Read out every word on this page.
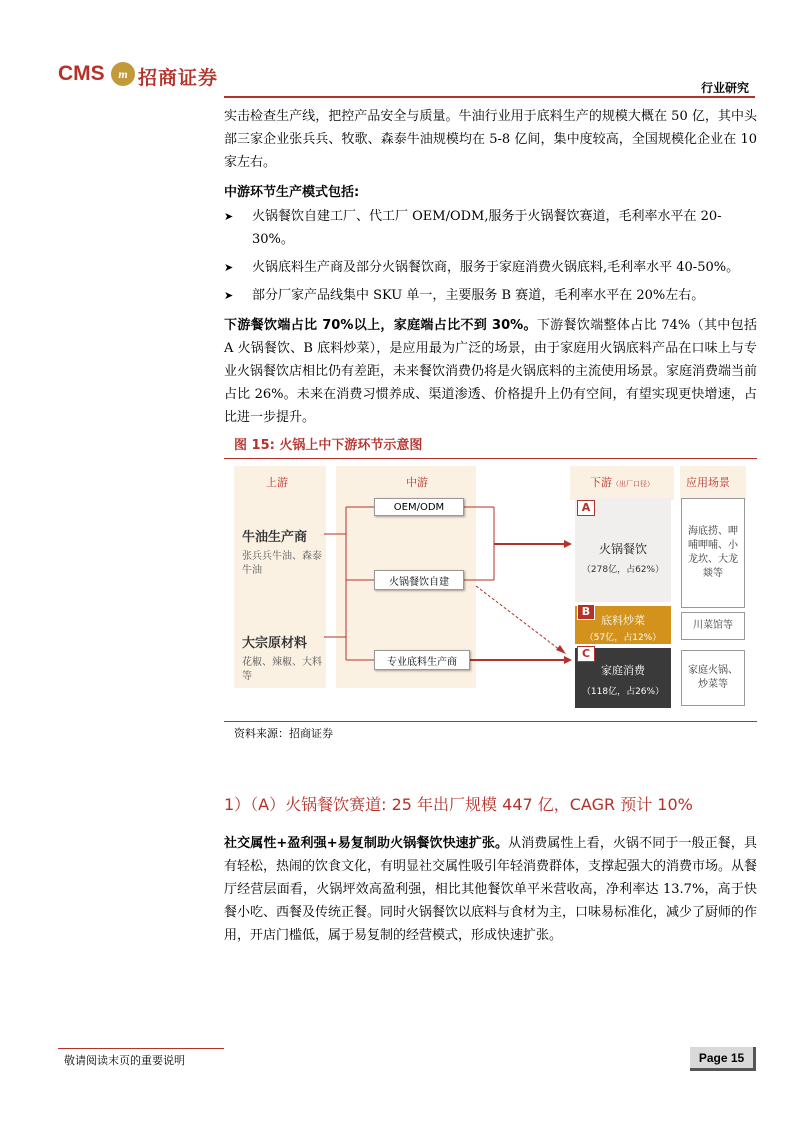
CMS	m 招商证券	行业研究

实击检查生产线，把控产品安全与质量。牛油行业用于底料生产的规模大概在 50 亿，其中头部三家企业张兵兵、牧歌、森泰牛油规模均在 5-8 亿间，集中度较高，全国规模化企业在 10 家左右。

中游环节生产模式包括:
➤	火锅餐饮自建工厂、代工厂 OEM/ODM,服务于火锅餐饮赛道，毛利率水平在 20-30%。
➤	火锅底料生产商及部分火锅餐饮商，服务于家庭消费火锅底料,毛利率水平 40-50%。
➤	部分厂家产品线集中 SKU 单一，主要服务 B 赛道，毛利率水平在 20%左右。

下游餐饮端占比 70%以上，家庭端占比不到 30%。下游餐饮端整体占比 74%（其中包括 A 火锅餐饮、B 底料炒菜），是应用最为广泛的场景，由于家庭用火锅底料产品在口味上与专业火锅餐饮店相比仍有差距，未来餐饮消费仍将是火锅底料的主流使用场景。家庭消费端当前占比 26%。未来在消费习惯养成、渠道渗透、价格提升上仍有空间，有望实现更快增速，占比进一步提升。

图 15: 火锅上中下游环节示意图
上游	中游	下游（出厂口径）	应用场景
牛油生产商
张兵兵牛油、森泰牛油
大宗原材料
花椒、辣椒、大料等
OEM/ODM
火锅餐饮自建
专业底料生产商
A
火锅餐饮
（278亿，占62%）
B
底料炒菜
（57亿，占12%）
C
家庭消费
（118亿，占26%）
海底捞、呷哺呷哺、小龙坎、大龙燚等
川菜馆等
家庭火锅、炒菜等
资料来源：招商证券
1）（A）火锅餐饮赛道: 25 年出厂规模 447 亿，CAGR 预计 10%

社交属性+盈利强+易复制助火锅餐饮快速扩张。从消费属性上看，火锅不同于一般正餐，具有轻松，热闹的饮食文化，有明显社交属性吸引年轻消费群体，支撑起强大的消费市场。从餐厅经营层面看，火锅坪效高盈利强，相比其他餐饮单平米营收高，净利率达 13.7%，高于快餐小吃、西餐及传统正餐。同时火锅餐饮以底料与食材为主，口味易标准化，减少了厨师的作用，开店门槛低，属于易复制的经营模式，形成快速扩张。

敬请阅读末页的重要说明	Page 15
